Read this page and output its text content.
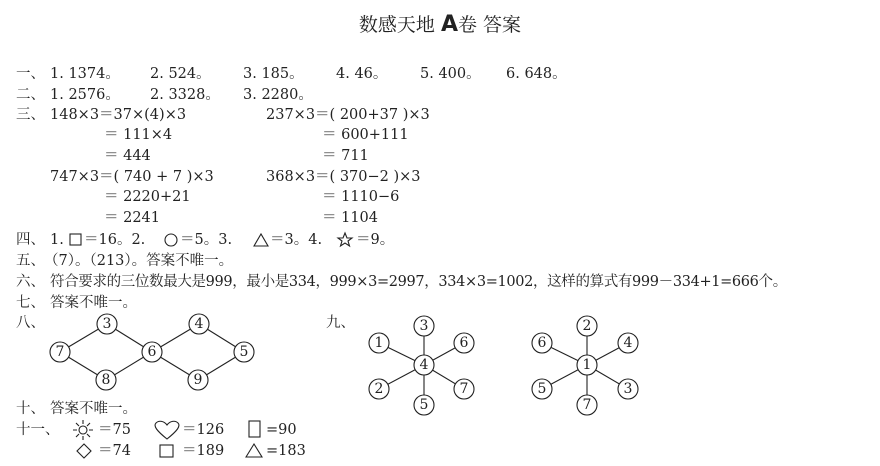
数感天地 A卷 答案
一、 1. 1374。 2. 524。 3. 185。 4. 46。 5. 400。 6. 648。
二、 1. 2576。 2. 3328。 3. 2280。
三、 148×3＝37×(4)×3
＝ 111×4
＝ 444
237×3＝( 200+37 )×3
＝ 600+111
＝ 711
747×3＝( 740 + 7 )×3
＝ 2220+21
＝ 2241
368×3＝( 370−2 )×3
＝ 1110−6
＝ 1104
四、 1. ＝16。2. ＝5。3.	＝3。4. ＝9。
五、 （7）。（213）。答案不唯一。
六、 符合要求的三位数最大是999，最小是334，999×3=2997，334×3=1002，这样的算式有999－334+1=666个。
七、 答案不唯一。
八、	九、
十、 答案不唯一。
十一、	＝75	＝126	=90
＝74	＝189	=183
3
7	6
8
4
5
9
3
1	6
4
2	7
5
2
6	4
1
5	3
7
